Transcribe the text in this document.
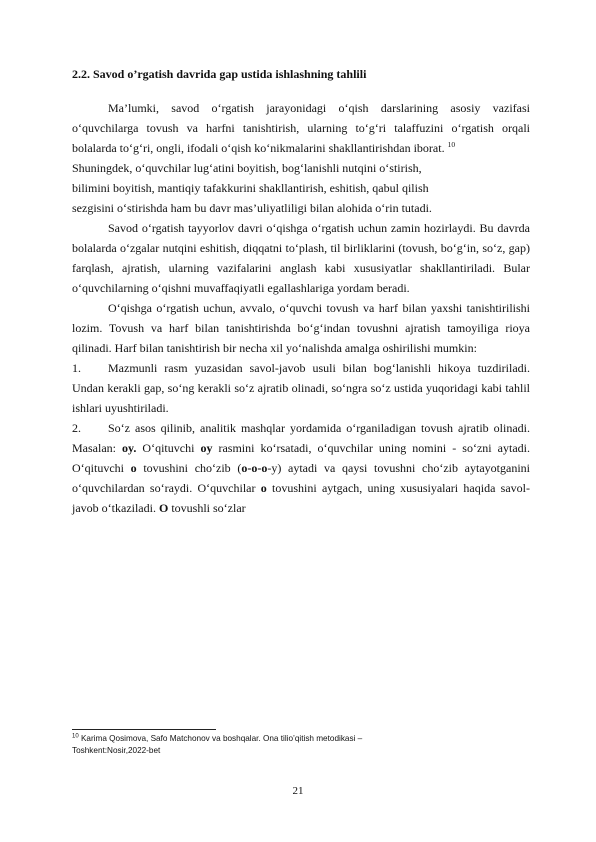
2.2. Savod o’rgatish davrida gap ustida ishlashning tahlili

Ma’lumki, savod o‘rgatish jarayonidagi o‘qish darslarining asosiy vazifasi o‘quvchilarga tovush va harfni tanishtirish, ularning to‘g‘ri talaffuzini o‘rgatish orqali bolalarda to‘g‘ri, ongli, ifodali o‘qish ko‘nikmalarini shakllantirishdan iborat. $^{10}$

Shuningdek, o‘quvchilar lug‘atini boyitish, bog‘lanishli nutqini o‘stirish,
bilimini boyitish, mantiqiy tafakkurini shakllantirish, eshitish, qabul qilish
sezgisini o‘stirishda ham bu davr mas’uliyatliligi bilan alohida o‘rin tutadi.

Savod o‘rgatish tayyorlov davri o‘qishga o‘rgatish uchun zamin hozirlaydi. Bu davrda bolalarda o‘zgalar nutqini eshitish, diqqatni to‘plash, til birliklarini (tovush, bo‘g‘in, so‘z, gap) farqlash, ajratish, ularning vazifalarini anglash kabi xususiyatlar shakllantiriladi. Bular o‘quvchilarning o‘qishni muvaffaqiyatli egallashlariga yordam beradi.

O‘qishga o‘rgatish uchun, avvalo, o‘quvchi tovush va harf bilan yaxshi tanishtirilishi lozim. Tovush va harf bilan tanishtirishda bo‘g‘indan tovushni ajratish tamoyiliga rioya qilinadi. Harf bilan tanishtirish bir necha xil yo‘nalishda amalga oshirilishi mumkin:

1. Mazmunli rasm yuzasidan savol-javob usuli bilan bog‘lanishli hikoya tuzdiriladi. Undan kerakli gap, so‘ng kerakli so‘z ajratib olinadi, so‘ngra so‘z ustida yuqoridagi kabi tahlil ishlari uyushtiriladi.

2. So‘z asos qilinib, analitik mashqlar yordamida o‘rganiladigan tovush ajratib olinadi. Masalan: oy. O‘qituvchi oy rasmini ko‘rsatadi, o‘quvchilar uning nomini - so‘zni aytadi. O‘qituvchi o tovushini cho‘zib (o-o-o-y) aytadi va qaysi tovushni cho‘zib aytayotganini o‘quvchilardan so‘raydi. O‘quvchilar o tovushini aytgach, uning xususiyalari haqida savol-javob o‘tkaziladi. O tovushli so‘zlar

$^{10}$ Karima Qosimova, Safo Matchonov va boshqalar. Ona tilio’qitish metodikasi –
Toshkent:Nosir,2022-bet
21
